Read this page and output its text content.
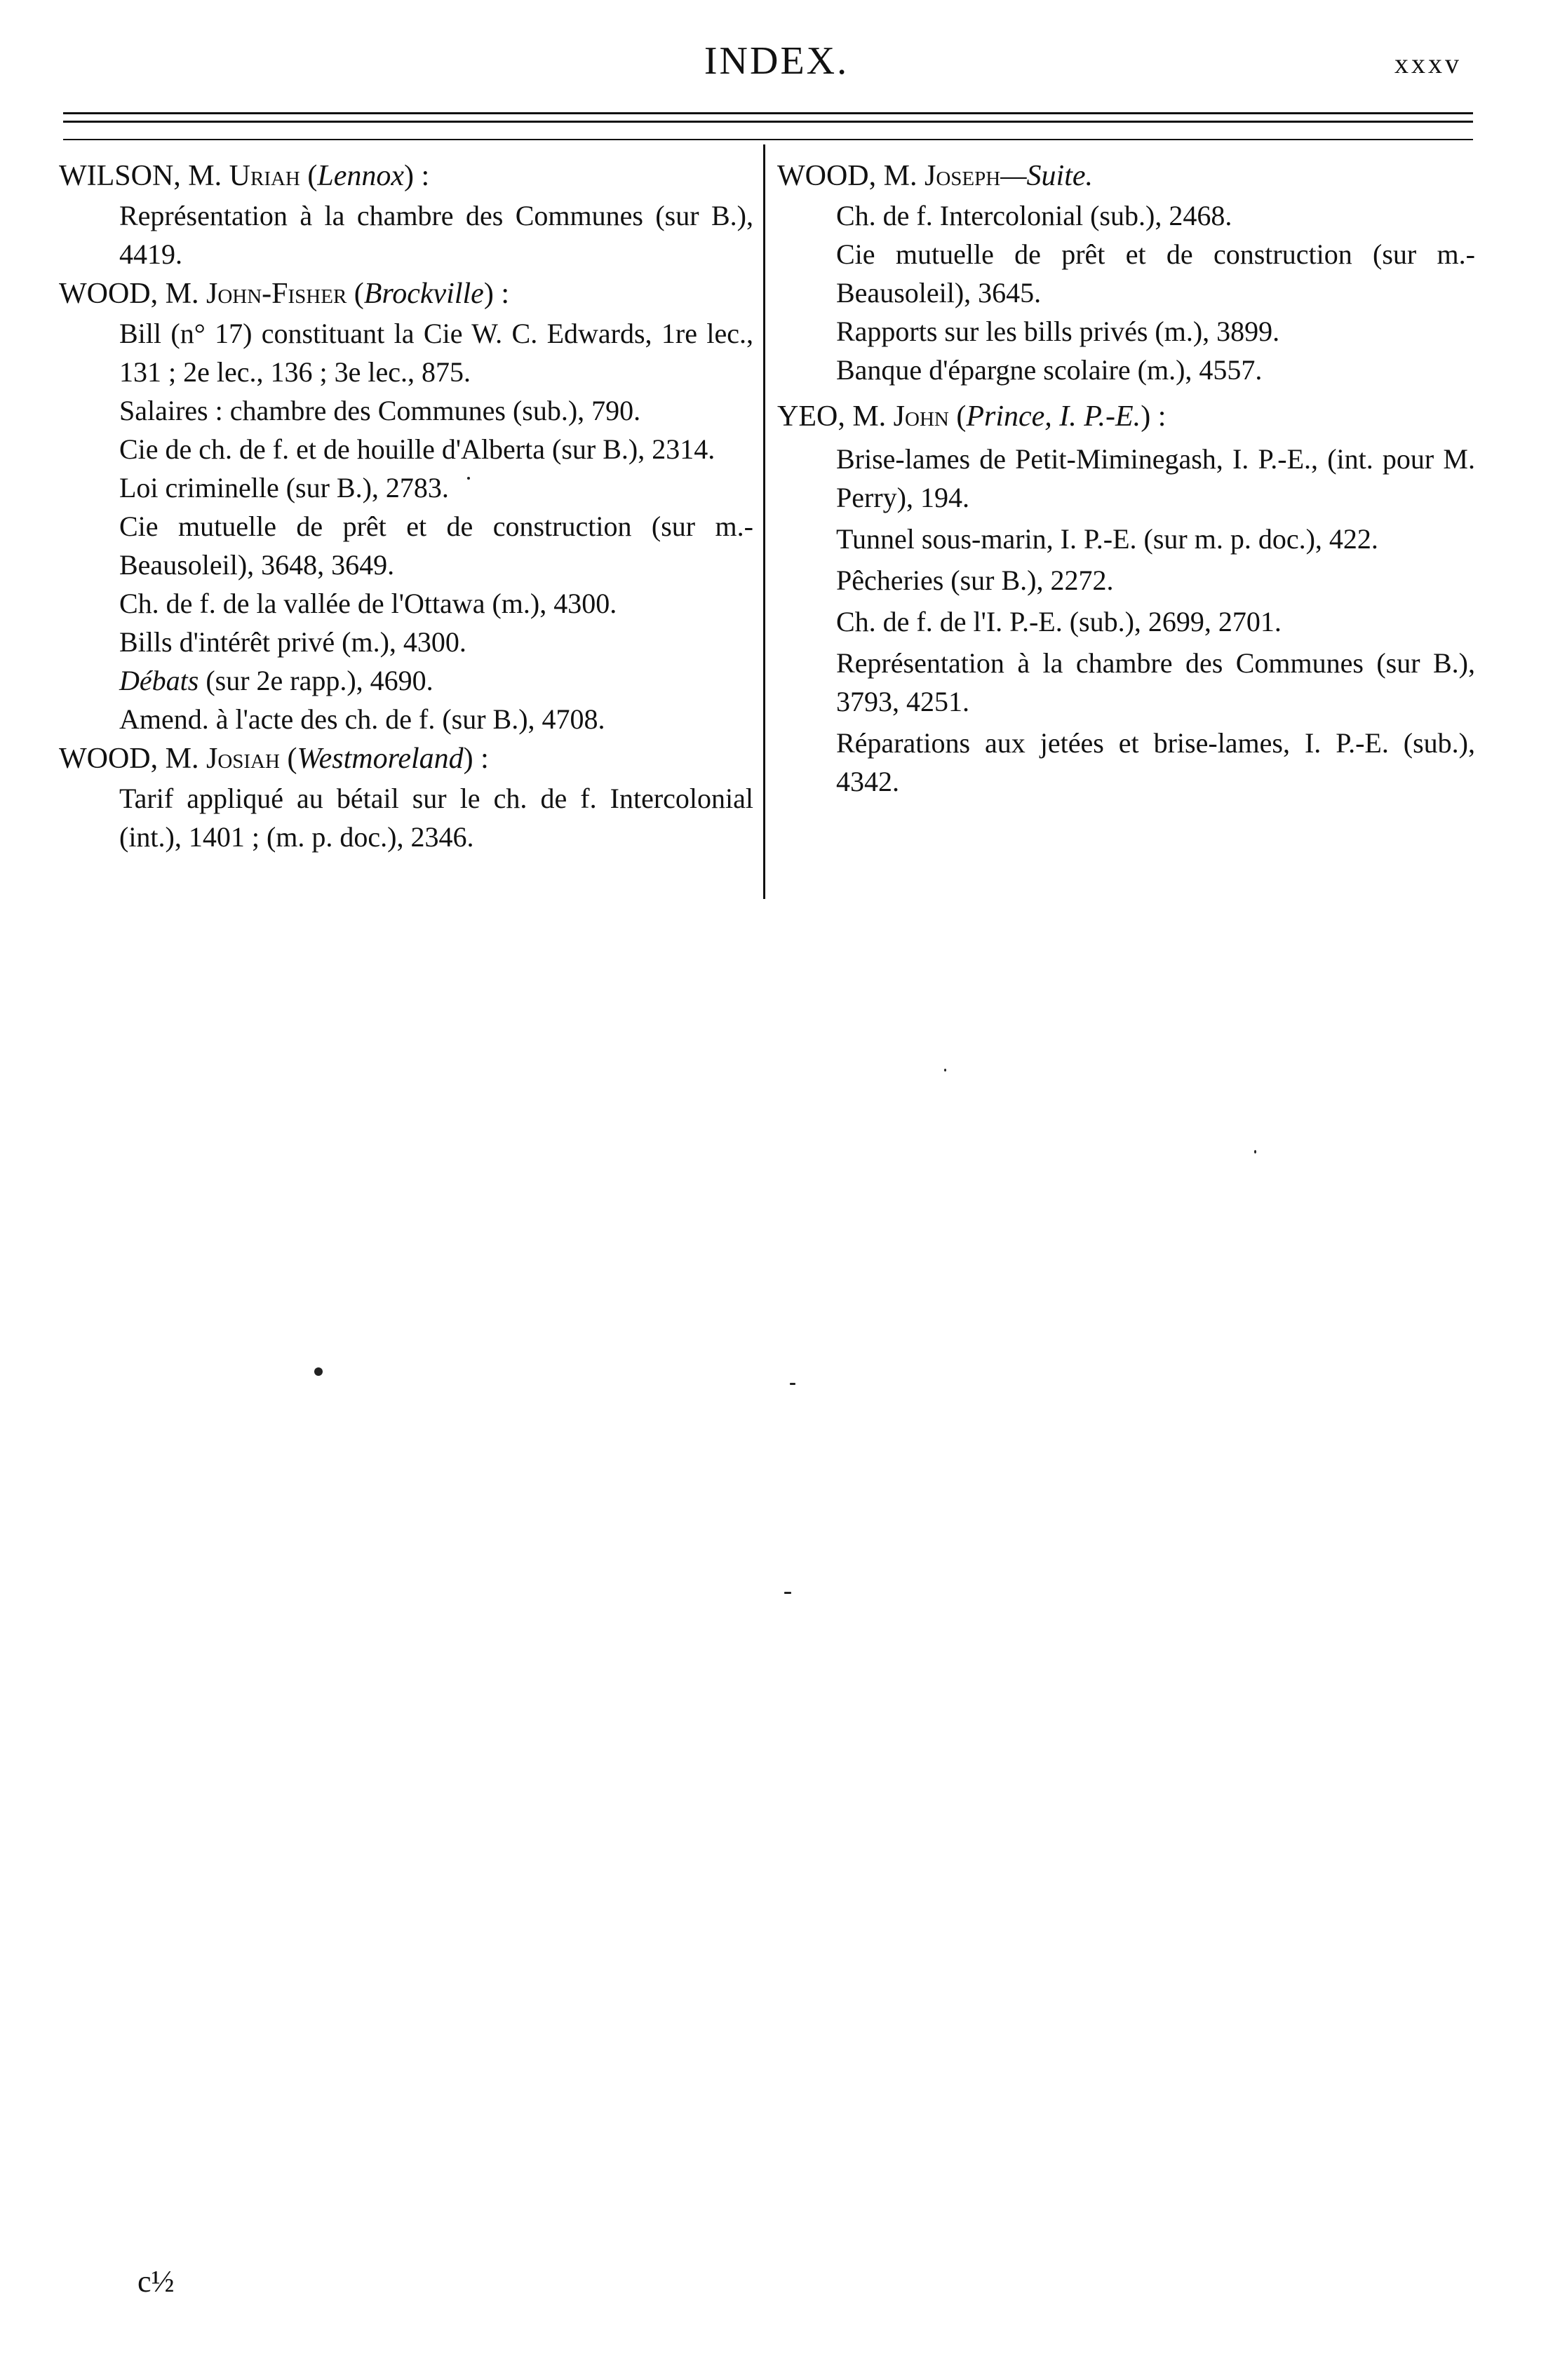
INDEX.	xxxv
WILSON, M. Uriah (Lennox) :
Représentation à la chambre des Communes (sur B.), 4419.
WOOD, M. John-Fisher (Brockville) :
Bill (n° 17) constituant la Cie W. C. Edwards, 1re lec., 131 ; 2e lec., 136 ; 3e lec., 875.
Salaires : chambre des Communes (sub.), 790.
Cie de ch. de f. et de houille d'Alberta (sur B.), 2314.
Loi criminelle (sur B.), 2783.
Cie mutuelle de prêt et de construction (sur m.-Beausoleil), 3648, 3649.
Ch. de f. de la vallée de l'Ottawa (m.), 4300.
Bills d'intérêt privé (m.), 4300.
Débats (sur 2e rapp.), 4690.
Amend. à l'acte des ch. de f. (sur B.), 4708.
WOOD, M. Josiah (Westmoreland) :
Tarif appliqué au bétail sur le ch. de f. Intercolonial (int.), 1401 ; (m. p. doc.), 2346.
WOOD, M. Joseph—Suite.
Ch. de f. Intercolonial (sub.), 2468.
Cie mutuelle de prêt et de construction (sur m.-Beausoleil), 3645.
Rapports sur les bills privés (m.), 3899.
Banque d'épargne scolaire (m.), 4557.
YEO, M. John (Prince, I. P.-E.) :
Brise-lames de Petit-Miminegash, I. P.-E., (int. pour M. Perry), 194.
Tunnel sous-marin, I. P.-E. (sur m. p. doc.), 422.
Pêcheries (sur B.), 2272.
Ch. de f. de l'I. P.-E. (sub.), 2699, 2701.
Représentation à la chambre des Communes (sur B.), 3793, 4251.
Réparations aux jetées et brise-lames, I. P.-E. (sub.), 4342.
c½
